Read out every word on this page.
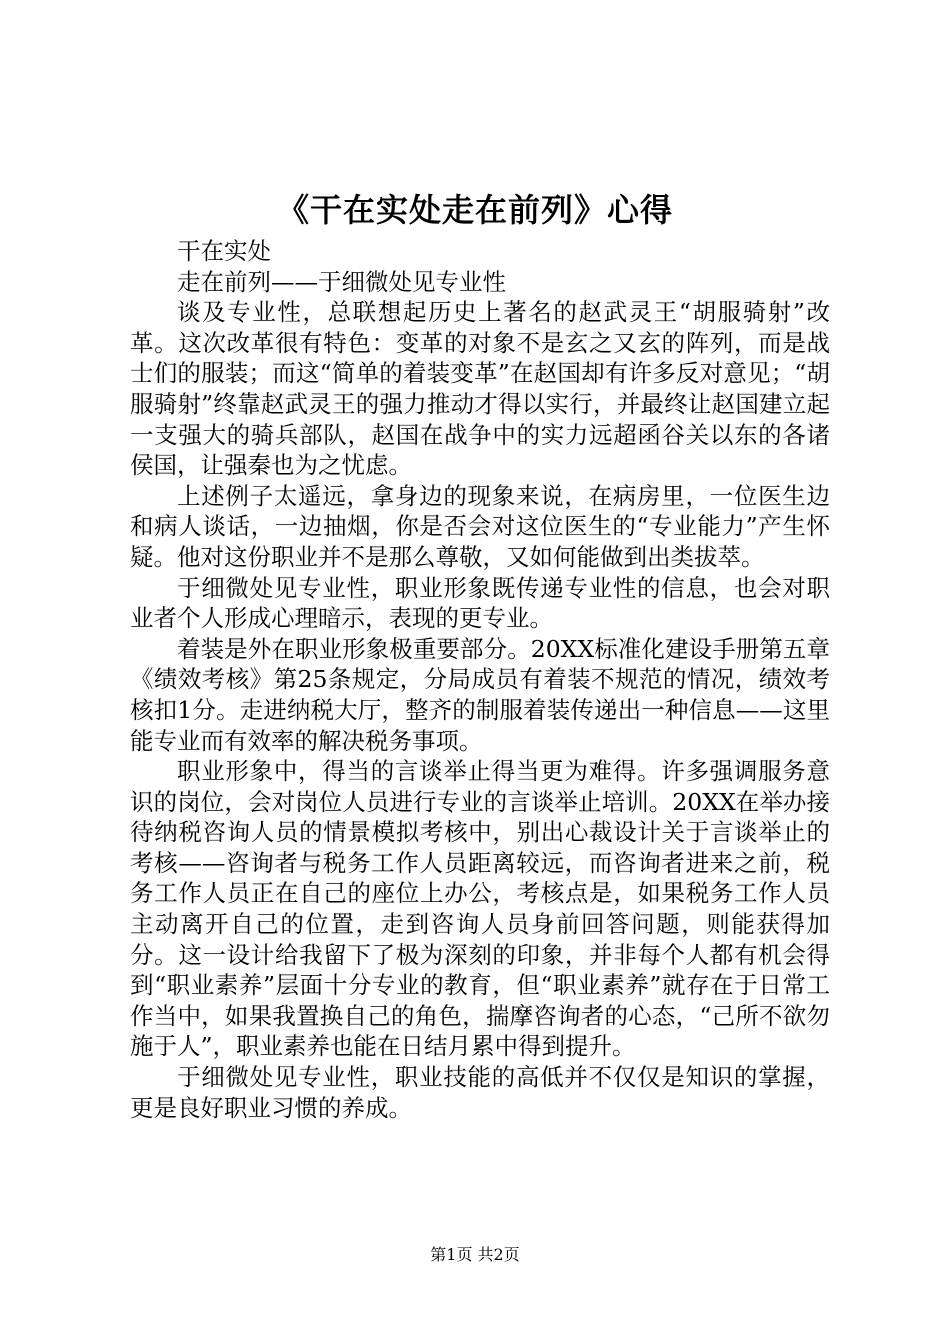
《干在实处走在前列》心得

干在实处

走在前列——于细微处见专业性

谈及专业性，总联想起历史上著名的赵武灵王“胡服骑射”改革。这次改革很有特色：变革的对象不是玄之又玄的阵列，而是战士们的服装；而这“简单的着装变革”在赵国却有许多反对意见；“胡服骑射”终靠赵武灵王的强力推动才得以实行，并最终让赵国建立起一支强大的骑兵部队，赵国在战争中的实力远超函谷关以东的各诸侯国，让强秦也为之忧虑。

上述例子太遥远，拿身边的现象来说，在病房里，一位医生边和病人谈话，一边抽烟，你是否会对这位医生的“专业能力”产生怀疑。他对这份职业并不是那么尊敬，又如何能做到出类拔萃。

于细微处见专业性，职业形象既传递专业性的信息，也会对职业者个人形成心理暗示，表现的更专业。

着装是外在职业形象极重要部分。20XX标准化建设手册第五章《绩效考核》第25条规定，分局成员有着装不规范的情况，绩效考核扣1分。走进纳税大厅，整齐的制服着装传递出一种信息——这里能专业而有效率的解决税务事项。

职业形象中，得当的言谈举止得当更为难得。许多强调服务意识的岗位，会对岗位人员进行专业的言谈举止培训。20XX在举办接待纳税咨询人员的情景模拟考核中，别出心裁设计关于言谈举止的考核——咨询者与税务工作人员距离较远，而咨询者进来之前，税务工作人员正在自己的座位上办公，考核点是，如果税务工作人员主动离开自己的位置，走到咨询人员身前回答问题，则能获得加分。这一设计给我留下了极为深刻的印象，并非每个人都有机会得到“职业素养”层面十分专业的教育，但“职业素养”就存在于日常工作当中，如果我置换自己的角色，揣摩咨询者的心态，“己所不欲勿施于人”，职业素养也能在日结月累中得到提升。

于细微处见专业性，职业技能的高低并不仅仅是知识的掌握，更是良好职业习惯的养成。

第1页 共2页
